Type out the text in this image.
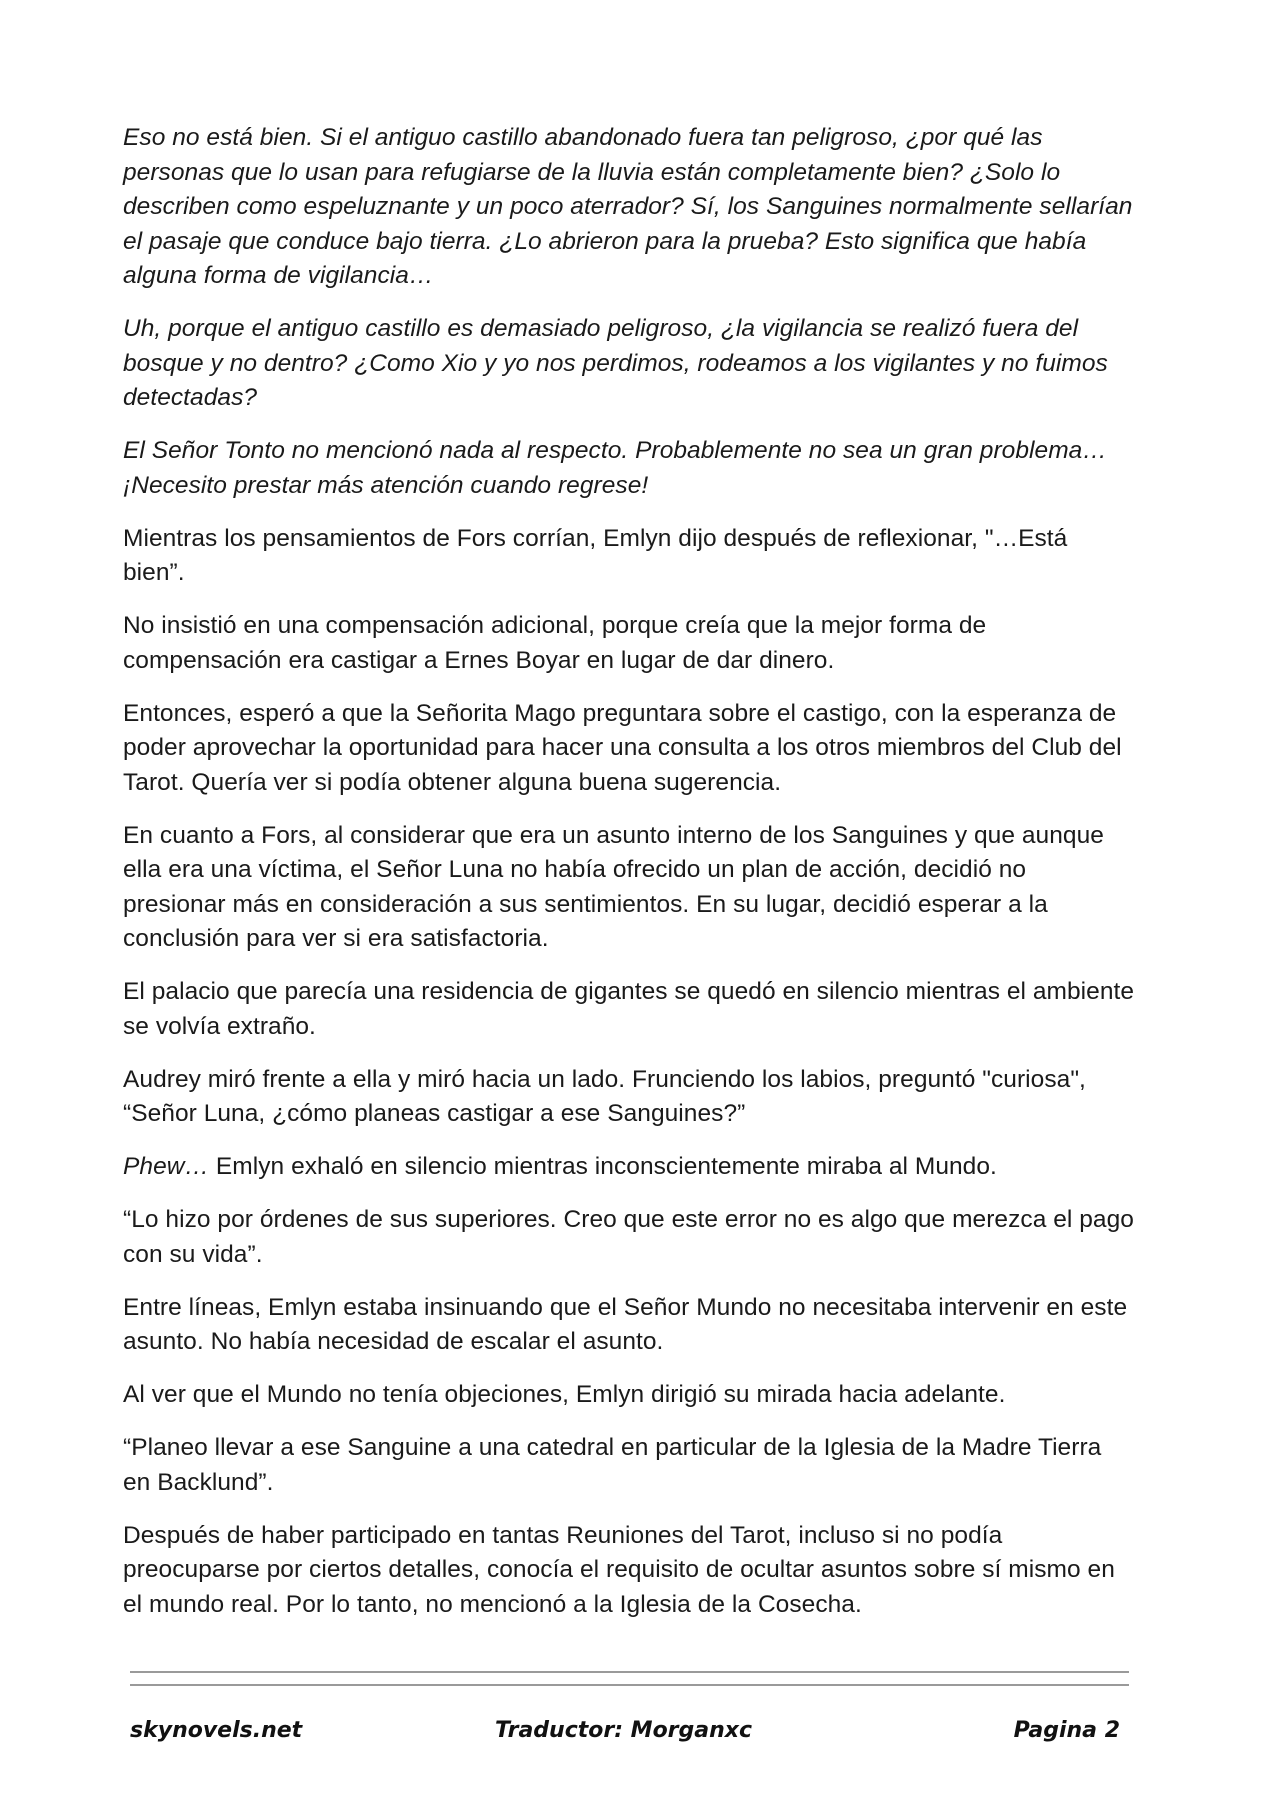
Eso no está bien. Si el antiguo castillo abandonado fuera tan peligroso, ¿por qué las personas que lo usan para refugiarse de la lluvia están completamente bien? ¿Solo lo describen como espeluznante y un poco aterrador? Sí, los Sanguines normalmente sellarían el pasaje que conduce bajo tierra. ¿Lo abrieron para la prueba? Esto significa que había alguna forma de vigilancia…

Uh, porque el antiguo castillo es demasiado peligroso, ¿la vigilancia se realizó fuera del bosque y no dentro? ¿Como Xio y yo nos perdimos, rodeamos a los vigilantes y no fuimos detectadas?

El Señor Tonto no mencionó nada al respecto. Probablemente no sea un gran problema… ¡Necesito prestar más atención cuando regrese!

Mientras los pensamientos de Fors corrían, Emlyn dijo después de reflexionar, "…Está bien”.

No insistió en una compensación adicional, porque creía que la mejor forma de compensación era castigar a Ernes Boyar en lugar de dar dinero.

Entonces, esperó a que la Señorita Mago preguntara sobre el castigo, con la esperanza de poder aprovechar la oportunidad para hacer una consulta a los otros miembros del Club del Tarot. Quería ver si podía obtener alguna buena sugerencia.

En cuanto a Fors, al considerar que era un asunto interno de los Sanguines y que aunque ella era una víctima, el Señor Luna no había ofrecido un plan de acción, decidió no presionar más en consideración a sus sentimientos. En su lugar, decidió esperar a la conclusión para ver si era satisfactoria.

El palacio que parecía una residencia de gigantes se quedó en silencio mientras el ambiente se volvía extraño.

Audrey miró frente a ella y miró hacia un lado. Frunciendo los labios, preguntó "curiosa", “Señor Luna, ¿cómo planeas castigar a ese Sanguines?”

Phew… Emlyn exhaló en silencio mientras inconscientemente miraba al Mundo.

“Lo hizo por órdenes de sus superiores. Creo que este error no es algo que merezca el pago con su vida”.

Entre líneas, Emlyn estaba insinuando que el Señor Mundo no necesitaba intervenir en este asunto. No había necesidad de escalar el asunto.

Al ver que el Mundo no tenía objeciones, Emlyn dirigió su mirada hacia adelante.

“Planeo llevar a ese Sanguine a una catedral en particular de la Iglesia de la Madre Tierra en Backlund”.

Después de haber participado en tantas Reuniones del Tarot, incluso si no podía preocuparse por ciertos detalles, conocía el requisito de ocultar asuntos sobre sí mismo en el mundo real. Por lo tanto, no mencionó a la Iglesia de la Cosecha.

skynovels.net	Traductor: Morganxc	Pagina 2
